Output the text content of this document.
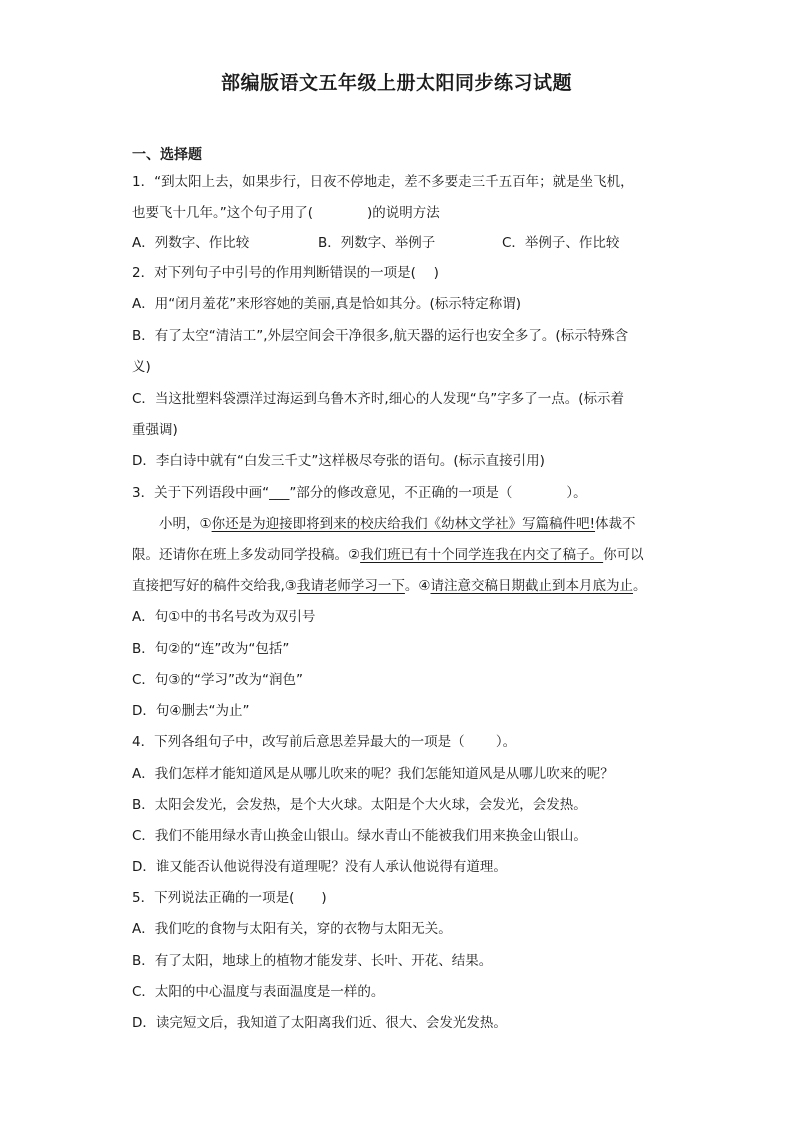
部编版语文五年级上册太阳同步练习试题
一、选择题
1．“到太阳上去，如果步行，日夜不停地走，差不多要走三千五百年；就是坐飞机，
也要飞十几年。”这个句子用了(　　　　)的说明方法
A．列数字、作比较	B．列数字、举例子	C．举例子、作比较
2．对下列句子中引号的作用判断错误的一项是(　 )
A．用“闭月羞花”来形容她的美丽,真是恰如其分。(标示特定称谓)
B．有了太空“清洁工”,外层空间会干净很多,航天器的运行也安全多了。(标示特殊含
义)
C．当这批塑料袋漂洋过海运到乌鲁木齐时,细心的人发现“乌”字多了一点。(标示着
重强调)
D．李白诗中就有“白发三千丈”这样极尽夸张的语句。(标示直接引用)
3．关于下列语段中画“___”部分的修改意见，不正确的一项是（　　　　）。
　　小明，①你还是为迎接即将到来的校庆给我们《幼林文学社》写篇稿件吧!体裁不
限。还请你在班上多发动同学投稿。②我们班已有十个同学连我在内交了稿子。你可以
直接把写好的稿件交给我,③我请老师学习一下。④请注意交稿日期截止到本月底为止。
A．句①中的书名号改为双引号
B．句②的“连”改为“包括”
C．句③的“学习”改为“润色”
D．句④删去“为止”
4．下列各组句子中，改写前后意思差异最大的一项是（　　 ）。
A．我们怎样才能知道风是从哪儿吹来的呢？我们怎能知道风是从哪儿吹来的呢？
B．太阳会发光，会发热，是个大火球。太阳是个大火球，会发光，会发热。
C．我们不能用绿水青山换金山银山。绿水青山不能被我们用来换金山银山。
D．谁又能否认他说得没有道理呢？没有人承认他说得有道理。
5．下列说法正确的一项是(　　)
A．我们吃的食物与太阳有关，穿的衣物与太阳无关。
B．有了太阳，地球上的植物才能发芽、长叶、开花、结果。
C．太阳的中心温度与表面温度是一样的。
D．读完短文后，我知道了太阳离我们近、很大、会发光发热。
